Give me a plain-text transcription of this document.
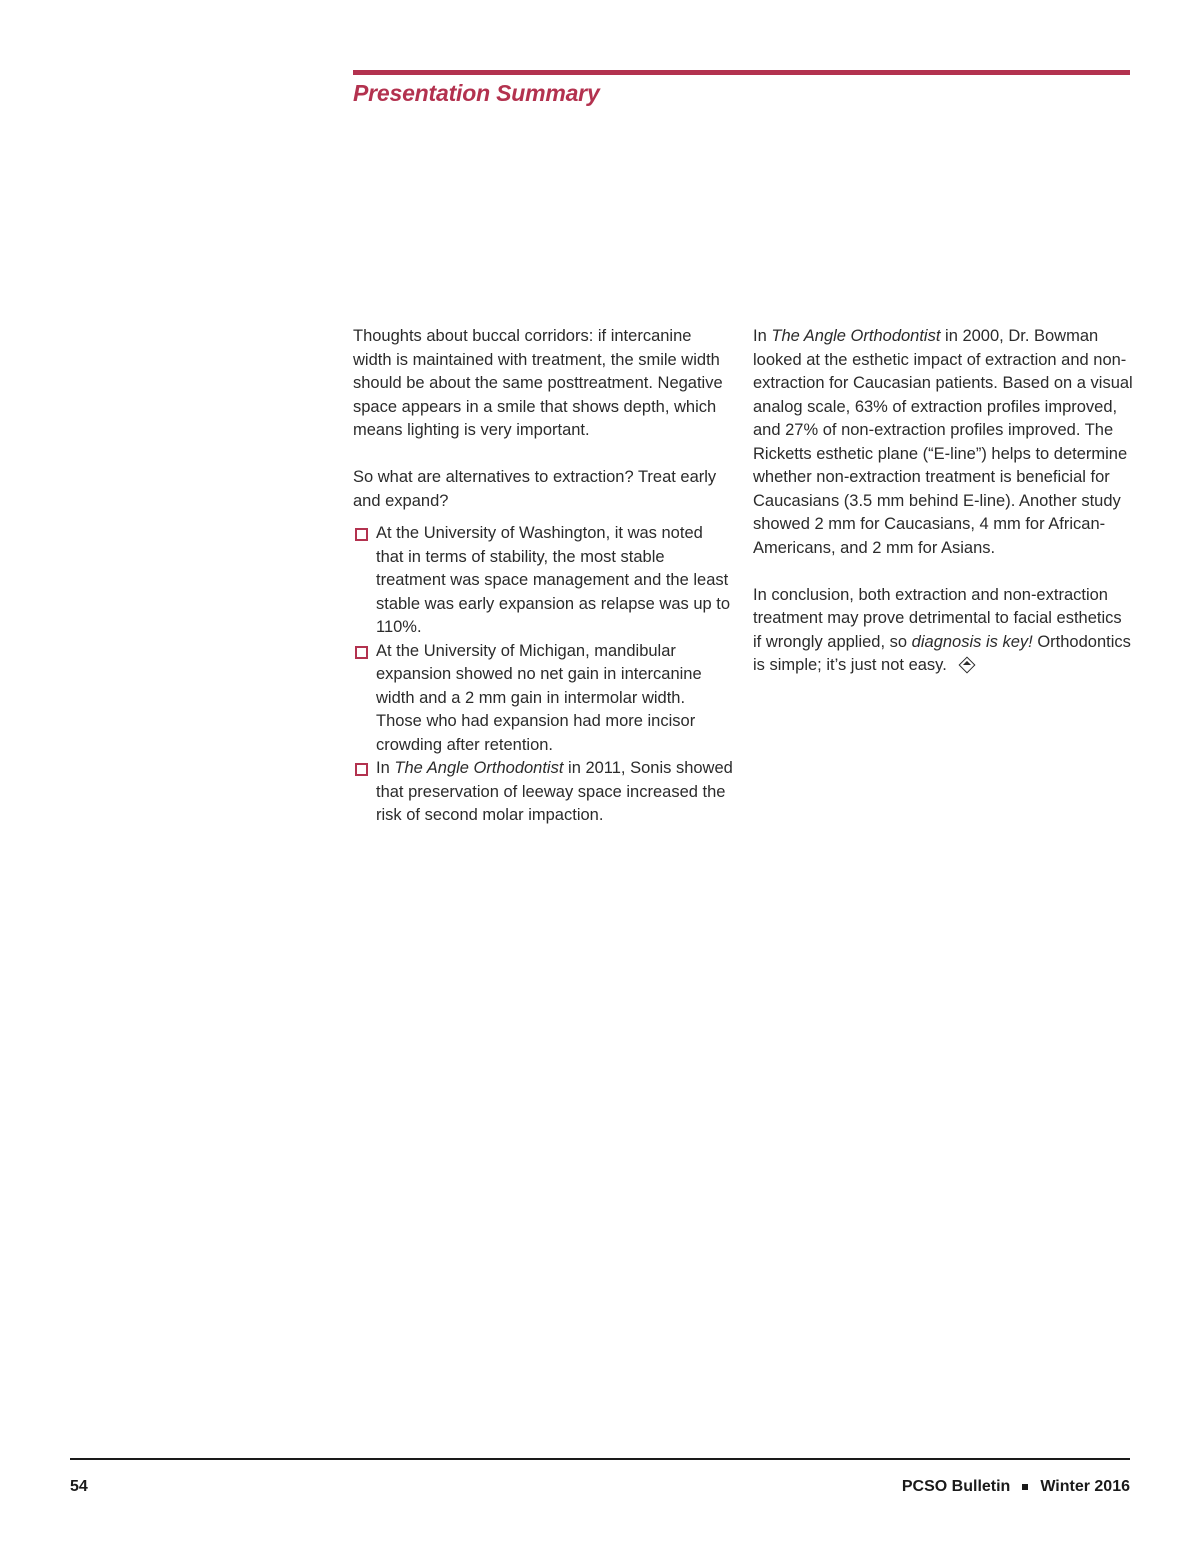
Presentation Summary

Thoughts about buccal corridors: if intercanine width is maintained with treatment, the smile width should be about the same posttreatment. Negative space appears in a smile that shows depth, which means lighting is very important.

So what are alternatives to extraction? Treat early and expand?

At the University of Washington, it was noted that in terms of stability, the most stable treatment was space management and the least stable was early expansion as relapse was up to 110%.
At the University of Michigan, mandibular expansion showed no net gain in intercanine width and a 2 mm gain in intermolar width. Those who had expansion had more incisor crowding after retention.
In The Angle Orthodontist in 2011, Sonis showed that preservation of leeway space increased the risk of second molar impaction.

In The Angle Orthodontist in 2000, Dr. Bowman looked at the esthetic impact of extraction and non-extraction for Caucasian patients. Based on a visual analog scale, 63% of extraction profiles improved, and 27% of non-extraction profiles improved. The Ricketts esthetic plane (“E-line”) helps to determine whether non-extraction treatment is beneficial for Caucasians (3.5 mm behind E-line). Another study showed 2 mm for Caucasians, 4 mm for African-Americans, and 2 mm for Asians.

In conclusion, both extraction and non-extraction treatment may prove detrimental to facial esthetics if wrongly applied, so diagnosis is key! Orthodontics is simple; it’s just not easy.

54	PCSO Bulletin Winter 2016
